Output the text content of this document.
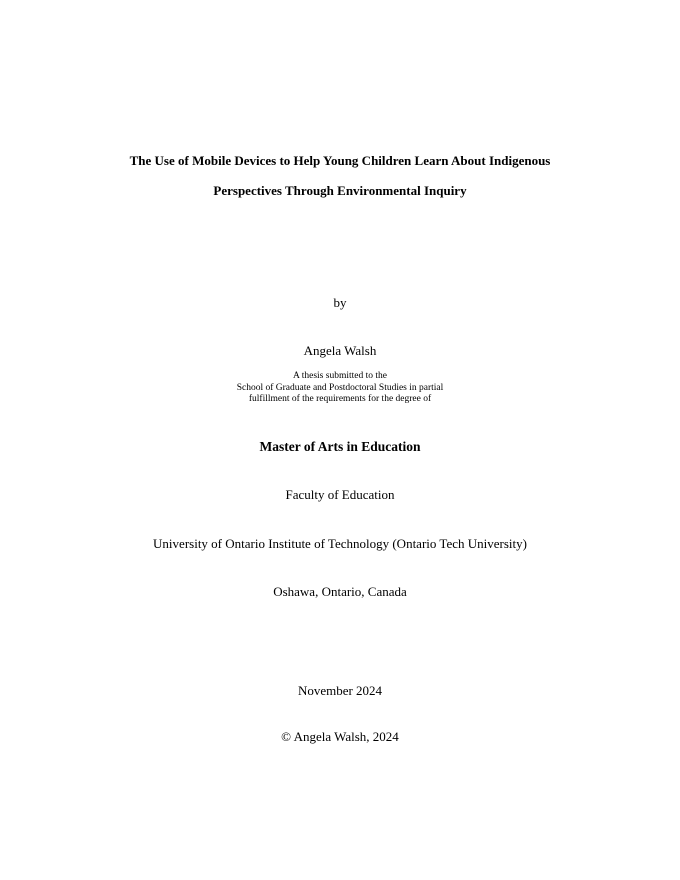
The Use of Mobile Devices to Help Young Children Learn About Indigenous
Perspectives Through Environmental Inquiry
by
Angela Walsh
A thesis submitted to the
School of Graduate and Postdoctoral Studies in partial
fulfillment of the requirements for the degree of
Master of Arts in Education
Faculty of Education
University of Ontario Institute of Technology (Ontario Tech University)
Oshawa, Ontario, Canada
November 2024
© Angela Walsh, 2024
